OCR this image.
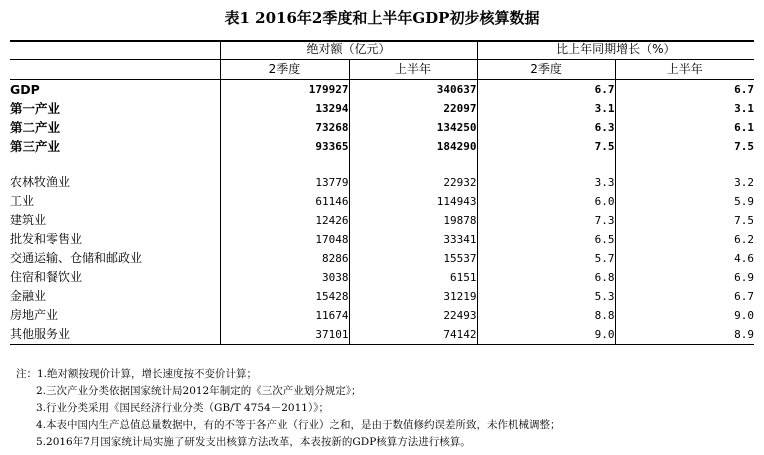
表1 2016年2季度和上半年GDP初步核算数据
	绝对额（亿元）		比上年同期增长（%）	
	2季度	上半年	2季度	上半年
GDP	179927	340637	6.7	6.7
第一产业	13294	22097	3.1	3.1
第二产业	73268	134250	6.3	6.1
第三产业	93365	184290	7.5	7.5

农林牧渔业	13779	22932	3.3	3.2
工业	61146	114943	6.0	5.9
建筑业	12426	19878	7.3	7.5
批发和零售业	17048	33341	6.5	6.2
交通运输、仓储和邮政业	8286	15537	5.7	4.6
住宿和餐饮业	3038	6151	6.8	6.9
金融业	15428	31219	5.3	6.7
房地产业	11674	22493	8.8	9.0
其他服务业	37101	74142	9.0	8.9
注：1.绝对额按现价计算，增长速度按不变价计算；
2.三次产业分类依据国家统计局2012年制定的《三次产业划分规定》；
3.行业分类采用《国民经济行业分类（GB/T 4754－2011）》；
4.本表中国内生产总值总量数据中，有的不等于各产业（行业）之和，是由于数值修约误差所致，未作机械调整；
5.2016年7月国家统计局实施了研发支出核算方法改革，本表按新的GDP核算方法进行核算。
